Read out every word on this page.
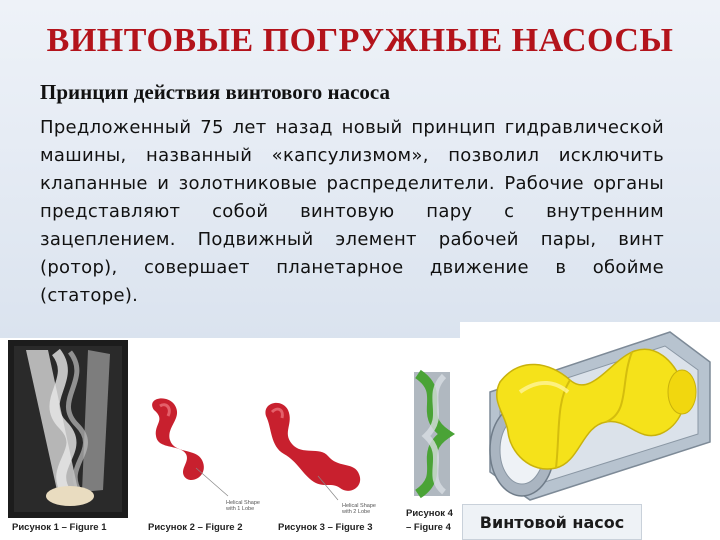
ВИНТОВЫЕ ПОГРУЖНЫЕ НАСОСЫ
Принцип действия винтового насоса
Предложенный 75 лет назад новый принцип гидравлической машины, названный «капсулизмом», позволил исключить клапанные и золотниковые распределители. Рабочие органы представляют собой винтовую пару с внутренним зацеплением. Подвижный элемент рабочей пары, винт (ротор), совершает планетарное движение в обойме (статоре).
Рисунок 1 – Figure 1
Helical Shape
with 1 Lobe
Рисунок 2 – Figure 2
Helical Shape
with 2 Lobe
Рисунок 3 – Figure 3
Рисунок 4
– Figure 4	Винтовой насос
